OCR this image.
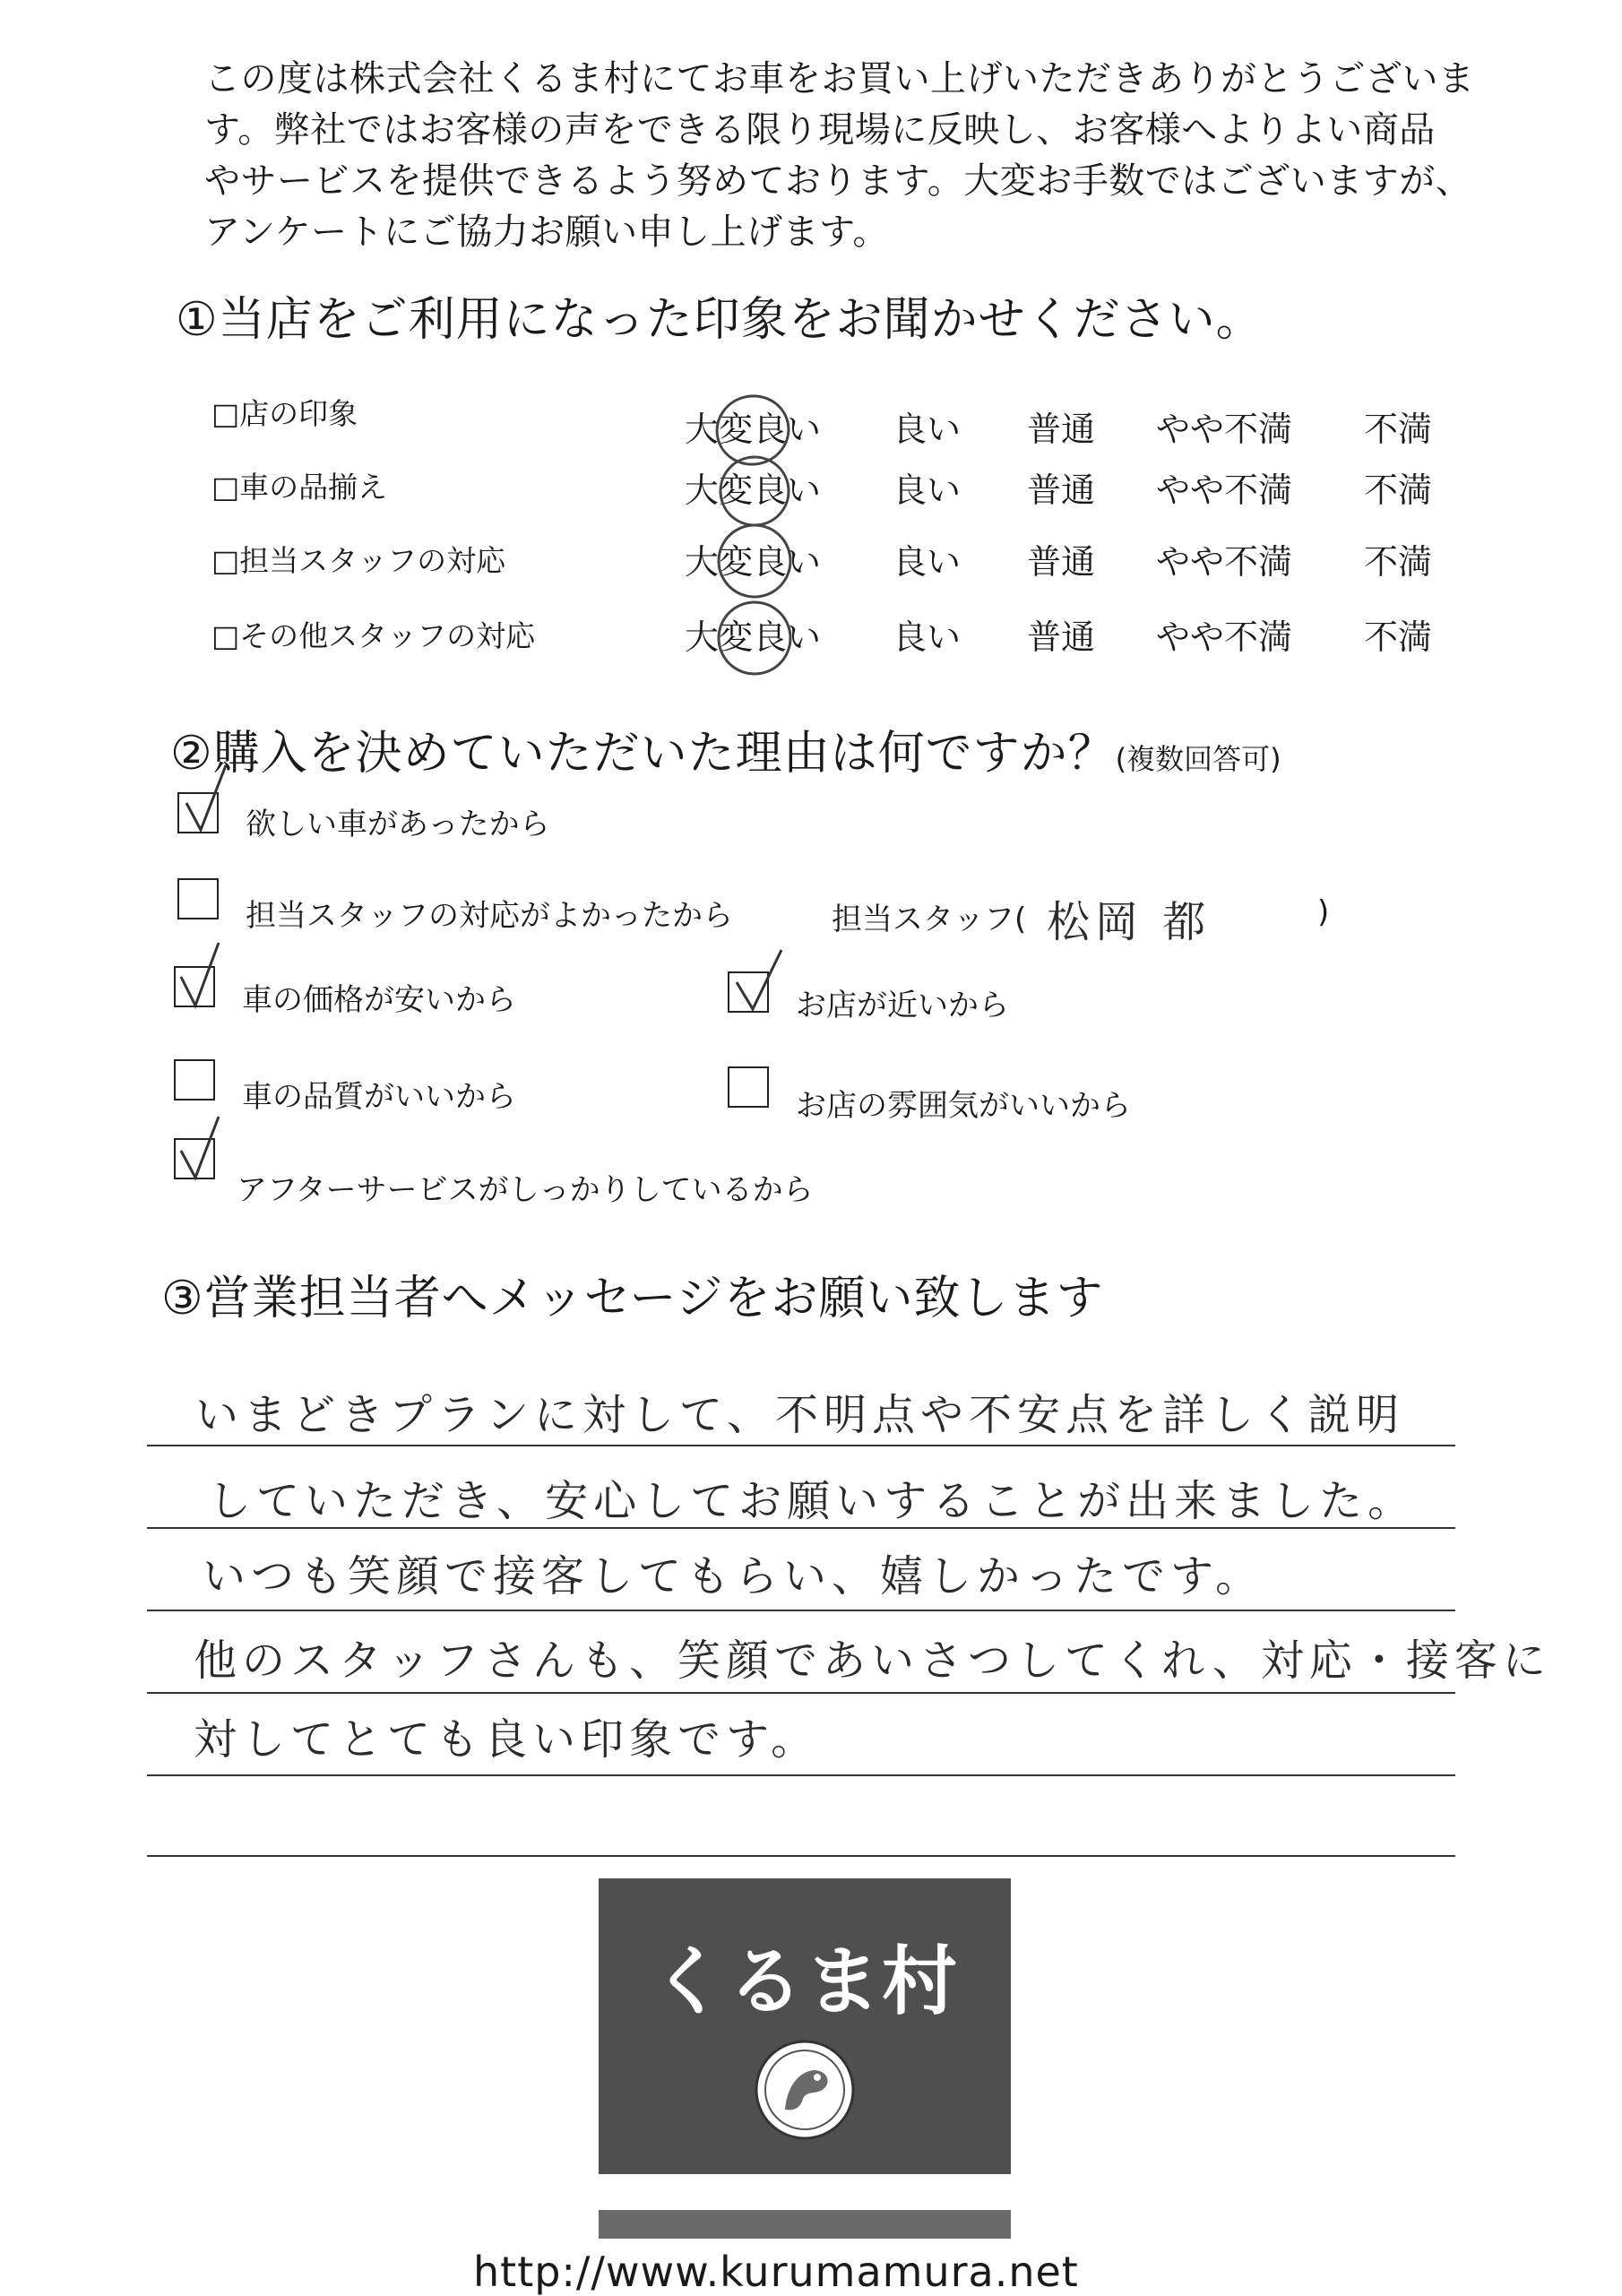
この度は株式会社くるま村にてお車をお買い上げいただきありがとうございま

す。弊社ではお客様の声をできる限り現場に反映し、お客様へよりよい商品

やサービスを提供できるよう努めております。大変お手数ではございますが、

アンケートにご協力お願い申し上げます。

①当店をご利用になった印象をお聞かせください。
□店の印象	大変良い 良い 普通 やや不満 不満
□車の品揃え	大変良い 良い 普通 やや不満 不満
□担当スタッフの対応	大変良い 良い 普通 やや不満 不満
□その他スタッフの対応	大変良い 良い 普通 やや不満 不満
②購入を決めていただいた理由は何ですか？(複数回答可)
欲しい車があったから
担当スタッフの対応がよかったから	担当スタッフ( 松岡 都	)
車の価格が安いから	お店が近いから
車の品質がいいから	お店の雰囲気がいいから
アフターサービスがしっかりしているから
③営業担当者へメッセージをお願い致します
いまどきプランに対して、不明点や不安点を詳しく説明
していただき、安心してお願いすることが出来ました。
いつも笑顔で接客してもらい、嬉しかったです。
他のスタッフさんも、笑顔であいさつしてくれ、対応・接客に
対してとても良い印象です。
くるま村
http://www.kurumamura.net
